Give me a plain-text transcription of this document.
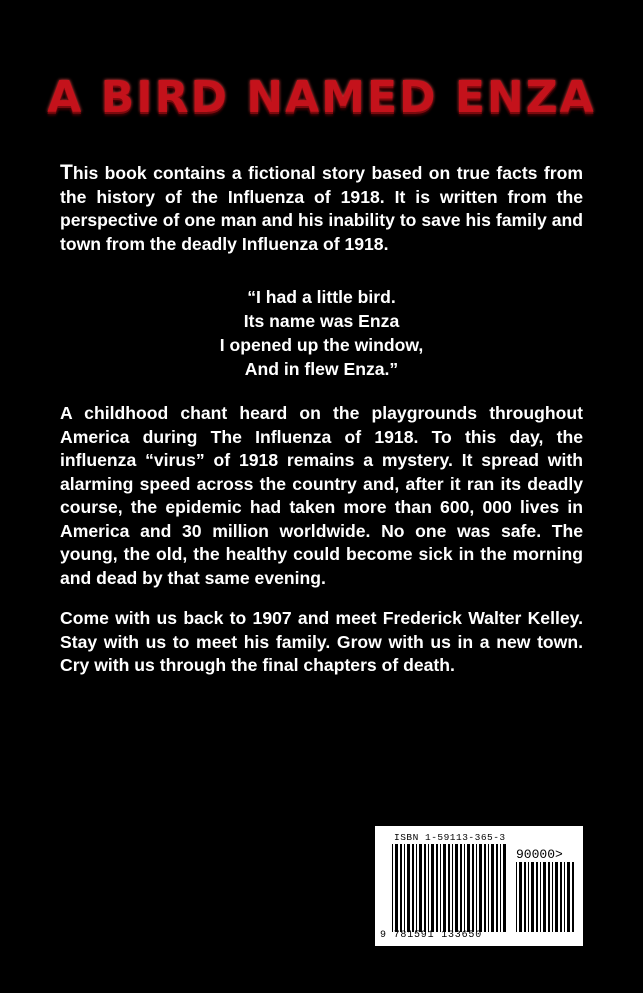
A BIRD NAMED ENZA

This book contains a fictional story based on true facts from the history of the Influenza of 1918. It is written from the perspective of one man and his inability to save his family and town from the deadly Influenza of 1918.

“I had a little bird.
Its name was Enza
I opened up the window,
And in flew Enza.”

A childhood chant heard on the playgrounds throughout America during The Influenza of 1918. To this day, the influenza “virus” of 1918 remains a mystery. It spread with alarming speed across the country and, after it ran its deadly course, the epidemic had taken more than 600, 000 lives in America and 30 million worldwide. No one was safe. The young, the old, the healthy could become sick in the morning and dead by that same evening.

Come with us back to 1907 and meet Frederick Walter Kelley. Stay with us to meet his family. Grow with us in a new town. Cry with us through the final chapters of death.

ISBN 1-59113-365-3
90000>
9 781591 133650
